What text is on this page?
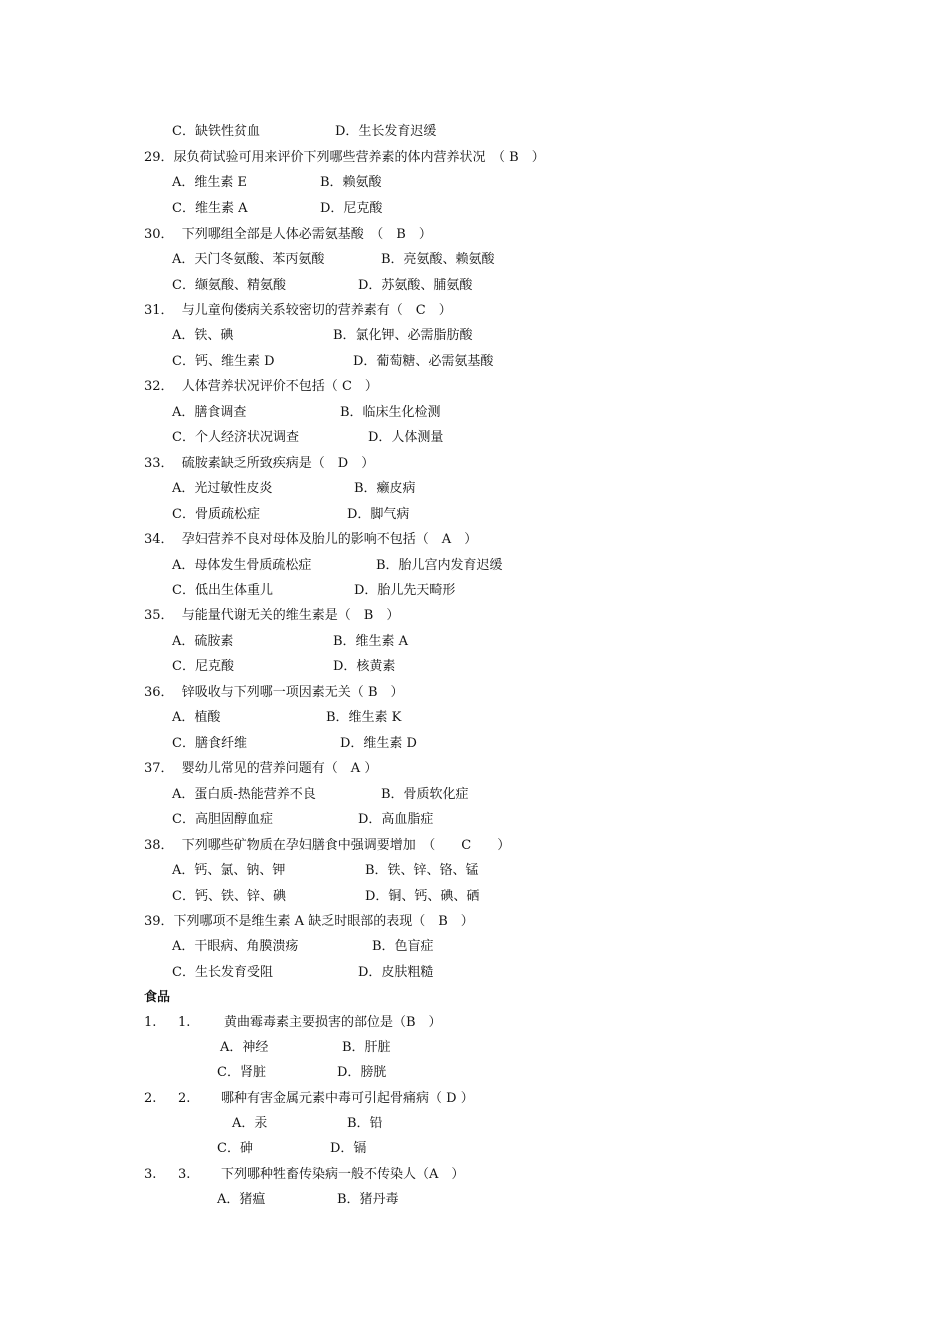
C．缺铁性贫血	D．生长发育迟缓
29．尿负荷试验可用来评价下列哪些营养素的体内营养状况　（ B　）
A．维生素 E	B．赖氨酸
C．维生素 A	D．尼克酸
30．  下列哪组全部是人体必需氨基酸　（　B　）
A．天门冬氨酸、苯丙氨酸	B．亮氨酸、赖氨酸
C．缬氨酸、精氨酸	D．苏氨酸、脯氨酸
31．  与儿童佝偻病关系较密切的营养素有（　C　）
A．铁、碘	B．氯化钾、必需脂肪酸
C．钙、维生素 D	D．葡萄糖、必需氨基酸
32．  人体营养状况评价不包括（ C　）
A．膳食调查	B．临床生化检测
C．个人经济状况调查	D．人体测量
33．  硫胺素缺乏所致疾病是（　D　）
A．光过敏性皮炎	B．癞皮病
C．骨质疏松症	D．脚气病
34．  孕妇营养不良对母体及胎儿的影响不包括（　A　）
A．母体发生骨质疏松症	B．胎儿宫内发育迟缓
C．低出生体重儿	D．胎儿先天畸形
35．  与能量代谢无关的维生素是（　B　）
A．硫胺素	B．维生素 A
C．尼克酸	D．核黄素
36．  锌吸收与下列哪一项因素无关（ B　）
A．植酸	B．维生素 K
C．膳食纤维	D．维生素 D
37．  婴幼儿常见的营养问题有（　A ）
A．蛋白质-热能营养不良	B．骨质软化症
C．高胆固醇血症	D．高血脂症
38．  下列哪些矿物质在孕妇膳食中强调要增加　（　　C　　）
A．钙、氯、钠、钾	B．铁、锌、铬、锰
C．钙、铁、锌、碘	D．铜、钙、碘、硒
39．下列哪项不是维生素 A 缺乏时眼部的表现（　B　）
A．干眼病、角膜溃疡	B．色盲症
C．生长发育受阻	D．皮肤粗糙
食品
1. 1.	黄曲霉毒素主要损害的部位是（B　）
A．神经	B．肝脏
C．肾脏	D．膀胱
2. 2. 哪种有害金属元素中毒可引起骨痛病（ D ）
A．汞	B．铅
C．砷	D．镉
3. 3. 下列哪种牲畜传染病一般不传染人（A　）
A．猪瘟	B．猪丹毒
